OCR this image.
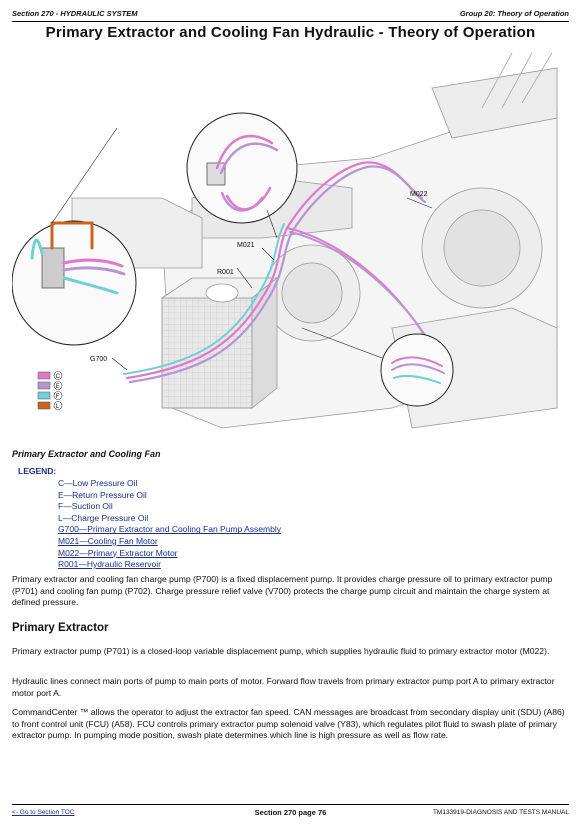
Section 270 - HYDRAULIC SYSTEM	Group 20: Theory of Operation
Primary Extractor and Cooling Fan Hydraulic - Theory of Operation
M022
M021
R001
G700
C
E
F
L
Primary Extractor and Cooling Fan
LEGEND:
C—Low Pressure Oil
E—Return Pressure Oil
F—Suction Oil
L—Charge Pressure Oil
G700—Primary Extractor and Cooling Fan Pump Assembly
M021—Cooling Fan Motor
M022—Primary Extractor Motor
R001—Hydraulic Reservoir
Primary extractor and cooling fan charge pump (P700) is a fixed displacement pump. It provides charge pressure oil to primary extractor pump (P701) and cooling fan pump (P702). Charge pressure relief valve (V700) protects the charge pump circuit and maintain the charge system at defined pressure.
Primary Extractor
Primary extractor pump (P701) is a closed-loop variable displacement pump, which supplies hydraulic fluid to primary extractor motor (M022).
Hydraulic lines connect main ports of pump to main ports of motor. Forward flow travels from primary extractor pump port A to primary extractor motor port A.
CommandCenter ™ allows the operator to adjust the extractor fan speed. CAN messages are broadcast from secondary display unit (SDU) (A86) to front control unit (FCU) (A58). FCU controls primary extractor pump solenoid valve (Y83), which regulates pilot fluid to swash plate of primary extractor pump. In pumping mode position, swash plate determines which line is high pressure as well as flow rate.
<- Go to Section TOC	Section 270 page 76	TM133919-DIAGNOSIS AND TESTS MANUAL
